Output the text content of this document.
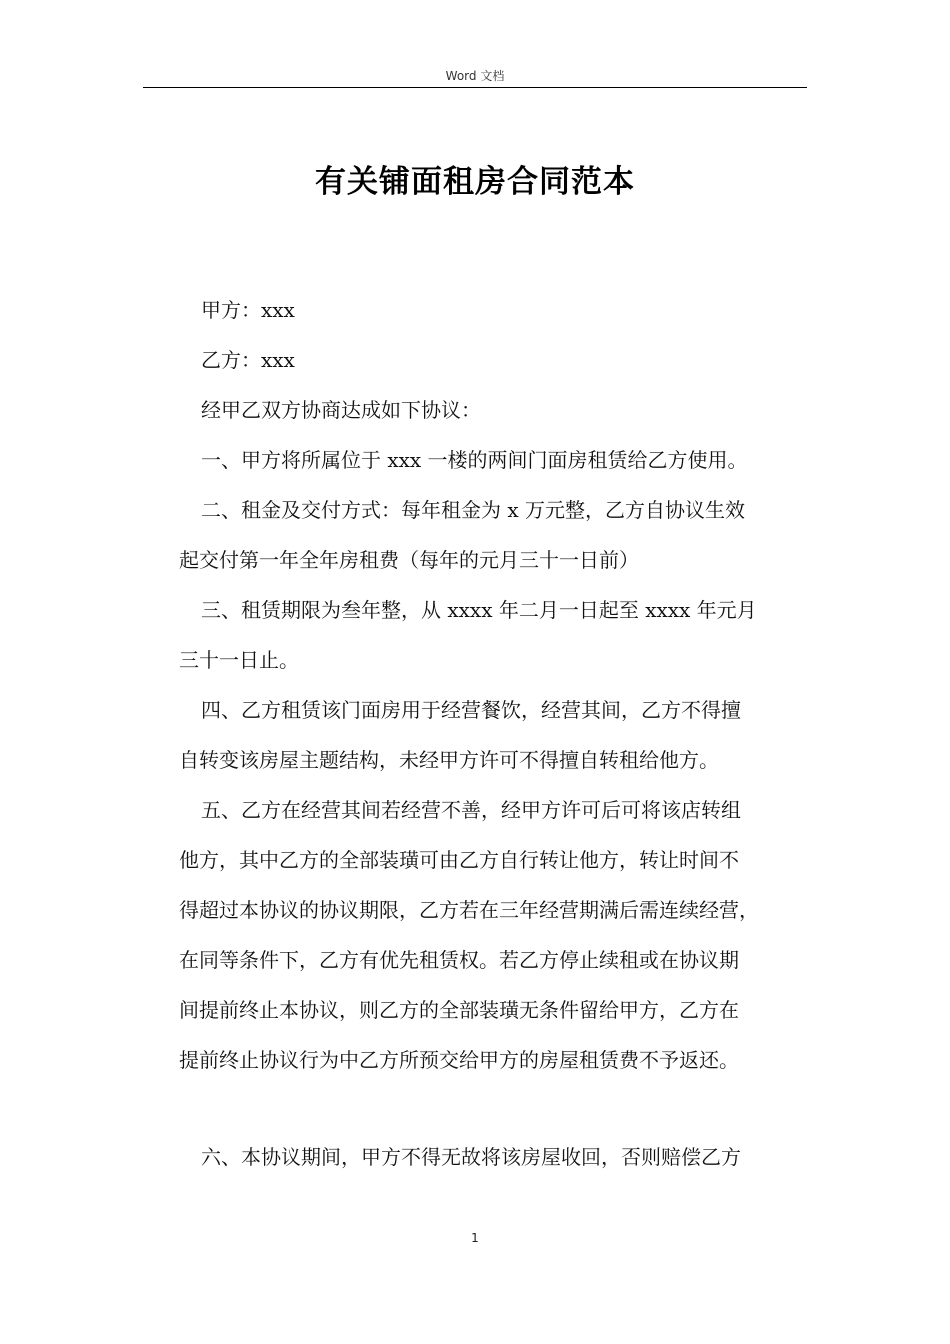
Word 文档
有关铺面租房合同范本
甲方：xxx
乙方：xxx
经甲乙双方协商达成如下协议：
一、甲方将所属位于 xxx 一楼的两间门面房租赁给乙方使用。
二、租金及交付方式：每年租金为 x 万元整，乙方自协议生效
起交付第一年全年房租费（每年的元月三十一日前）
三、租赁期限为叁年整，从 xxxx 年二月一日起至 xxxx 年元月
三十一日止。
四、乙方租赁该门面房用于经营餐饮，经营其间，乙方不得擅
自转变该房屋主题结构，未经甲方许可不得擅自转租给他方。
五、乙方在经营其间若经营不善，经甲方许可后可将该店转组
他方，其中乙方的全部装璜可由乙方自行转让他方，转让时间不
得超过本协议的协议期限，乙方若在三年经营期满后需连续经营，
在同等条件下，乙方有优先租赁权。若乙方停止续租或在协议期
间提前终止本协议，则乙方的全部装璜无条件留给甲方，乙方在
提前终止协议行为中乙方所预交给甲方的房屋租赁费不予返还。
六、本协议期间，甲方不得无故将该房屋收回，否则赔偿乙方
1
